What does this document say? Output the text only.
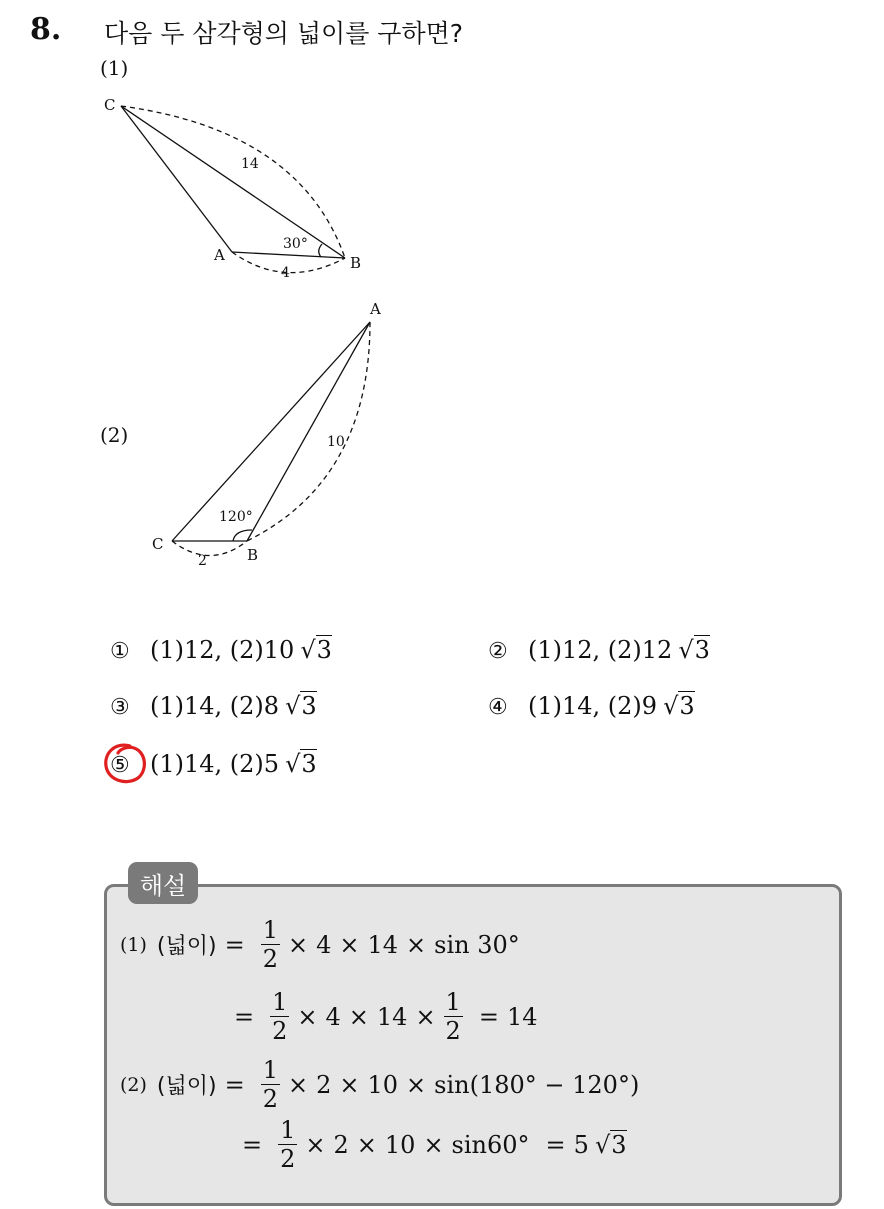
8. 다음 두 삼각형의 넓이를 구하면?
(1)
(2)
C
A	B
14
30°
4
A
B
C
10
120°
2
① (1)12, (2)10 √3	② (1)12, (2)12 √3
③ (1)14, (2)8 √3	④ (1)14, (2)9 √3
⑤ (1)14, (2)5 √3
해설
(1) (넓이) = $\frac{1}{2} \times 4 \times 14 \times \sin 30^\circ$
= $\frac{1}{2} \times 4 \times 14 \times \frac{1}{2} = 14$
(2) (넓이) = $\frac{1}{2} \times 2 \times 10 \times \sin(180^\circ - 120^\circ)$
= $\frac{1}{2} \times 2 \times 10 \times \sin 60^\circ = 5$ √3
